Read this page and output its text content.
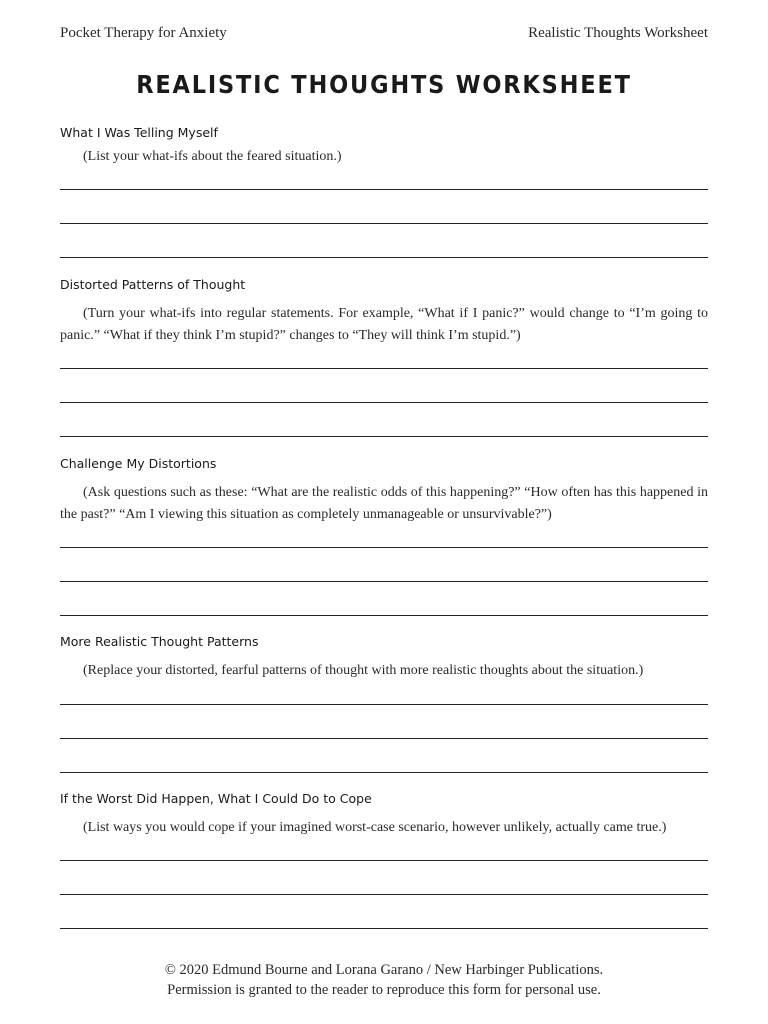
Pocket Therapy for Anxiety	Realistic Thoughts Worksheet
REALISTIC THOUGHTS WORKSHEET
What I Was Telling Myself
(List your what-ifs about the feared situation.)
Distorted Patterns of Thought
(Turn your what-ifs into regular statements. For example, “What if I panic?” would change to “I’m going to panic.” “What if they think I’m stupid?” changes to “They will think I’m stupid.”)
Challenge My Distortions
(Ask questions such as these: “What are the realistic odds of this happening?” “How often has this happened in the past?” “Am I viewing this situation as completely unmanageable or unsurvivable?”)
More Realistic Thought Patterns
(Replace your distorted, fearful patterns of thought with more realistic thoughts about the situation.)
If the Worst Did Happen, What I Could Do to Cope
(List ways you would cope if your imagined worst-case scenario, however unlikely, actually came true.)
© 2020 Edmund Bourne and Lorana Garano / New Harbinger Publications.
Permission is granted to the reader to reproduce this form for personal use.
